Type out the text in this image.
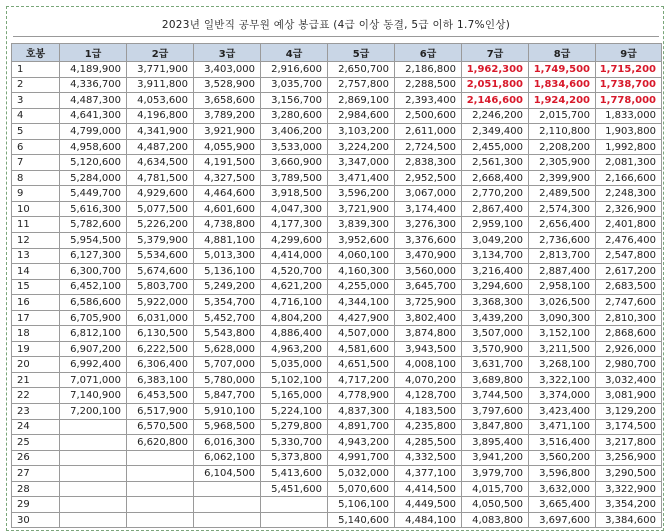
2023년 일반직 공무원 예상 봉급표 (4급 이상 동결, 5급 이하 1.7%인상)
호봉	1급	2급	3급	4급	5급	6급	7급	8급	9급
1	4,189,900	3,771,900	3,403,000	2,916,600	2,650,700	2,186,800	1,962,300	1,749,500	1,715,200
2	4,336,700	3,911,800	3,528,900	3,035,700	2,757,800	2,288,500	2,051,800	1,834,600	1,738,700
3	4,487,300	4,053,600	3,658,600	3,156,700	2,869,100	2,393,400	2,146,600	1,924,200	1,778,000
4	4,641,300	4,196,800	3,789,200	3,280,600	2,984,600	2,500,600	2,246,200	2,015,700	1,833,000
5	4,799,000	4,341,900	3,921,900	3,406,200	3,103,200	2,611,000	2,349,400	2,110,800	1,903,800
6	4,958,600	4,487,200	4,055,900	3,533,000	3,224,200	2,724,500	2,455,000	2,208,200	1,992,800
7	5,120,600	4,634,500	4,191,500	3,660,900	3,347,000	2,838,300	2,561,300	2,305,900	2,081,300
8	5,284,000	4,781,500	4,327,500	3,789,500	3,471,400	2,952,500	2,668,400	2,399,900	2,166,600
9	5,449,700	4,929,600	4,464,600	3,918,500	3,596,200	3,067,000	2,770,200	2,489,500	2,248,300
10	5,616,300	5,077,500	4,601,600	4,047,300	3,721,900	3,174,400	2,867,400	2,574,300	2,326,900
11	5,782,600	5,226,200	4,738,800	4,177,300	3,839,300	3,276,300	2,959,100	2,656,400	2,401,800
12	5,954,500	5,379,900	4,881,100	4,299,600	3,952,600	3,376,600	3,049,200	2,736,600	2,476,400
13	6,127,300	5,534,600	5,013,300	4,414,000	4,060,100	3,470,900	3,134,700	2,813,700	2,547,800
14	6,300,700	5,674,600	5,136,100	4,520,700	4,160,300	3,560,000	3,216,400	2,887,400	2,617,200
15	6,452,100	5,803,700	5,249,200	4,621,200	4,255,000	3,645,700	3,294,600	2,958,100	2,683,500
16	6,586,600	5,922,000	5,354,700	4,716,100	4,344,100	3,725,900	3,368,300	3,026,500	2,747,600
17	6,705,900	6,031,000	5,452,700	4,804,200	4,427,900	3,802,400	3,439,200	3,090,300	2,810,300
18	6,812,100	6,130,500	5,543,800	4,886,400	4,507,000	3,874,800	3,507,000	3,152,100	2,868,600
19	6,907,200	6,222,500	5,628,000	4,963,200	4,581,600	3,943,500	3,570,900	3,211,500	2,926,000
20	6,992,400	6,306,400	5,707,000	5,035,000	4,651,500	4,008,100	3,631,700	3,268,100	2,980,700
21	7,071,000	6,383,100	5,780,000	5,102,100	4,717,200	4,070,200	3,689,800	3,322,100	3,032,400
22	7,140,900	6,453,500	5,847,700	5,165,000	4,778,900	4,128,700	3,744,500	3,374,000	3,081,900
23	7,200,100	6,517,900	5,910,100	5,224,100	4,837,300	4,183,500	3,797,600	3,423,400	3,129,200
24		6,570,500	5,968,500	5,279,800	4,891,700	4,235,800	3,847,800	3,471,100	3,174,500
25		6,620,800	6,016,300	5,330,700	4,943,200	4,285,500	3,895,400	3,516,400	3,217,800
26			6,062,100	5,373,800	4,991,700	4,332,500	3,941,200	3,560,200	3,256,900
27			6,104,500	5,413,600	5,032,000	4,377,100	3,979,700	3,596,800	3,290,500
28				5,451,600	5,070,600	4,414,500	4,015,700	3,632,000	3,322,900
29					5,106,100	4,449,500	4,050,500	3,665,400	3,354,200
30					5,140,600	4,484,100	4,083,800	3,697,600	3,384,600
